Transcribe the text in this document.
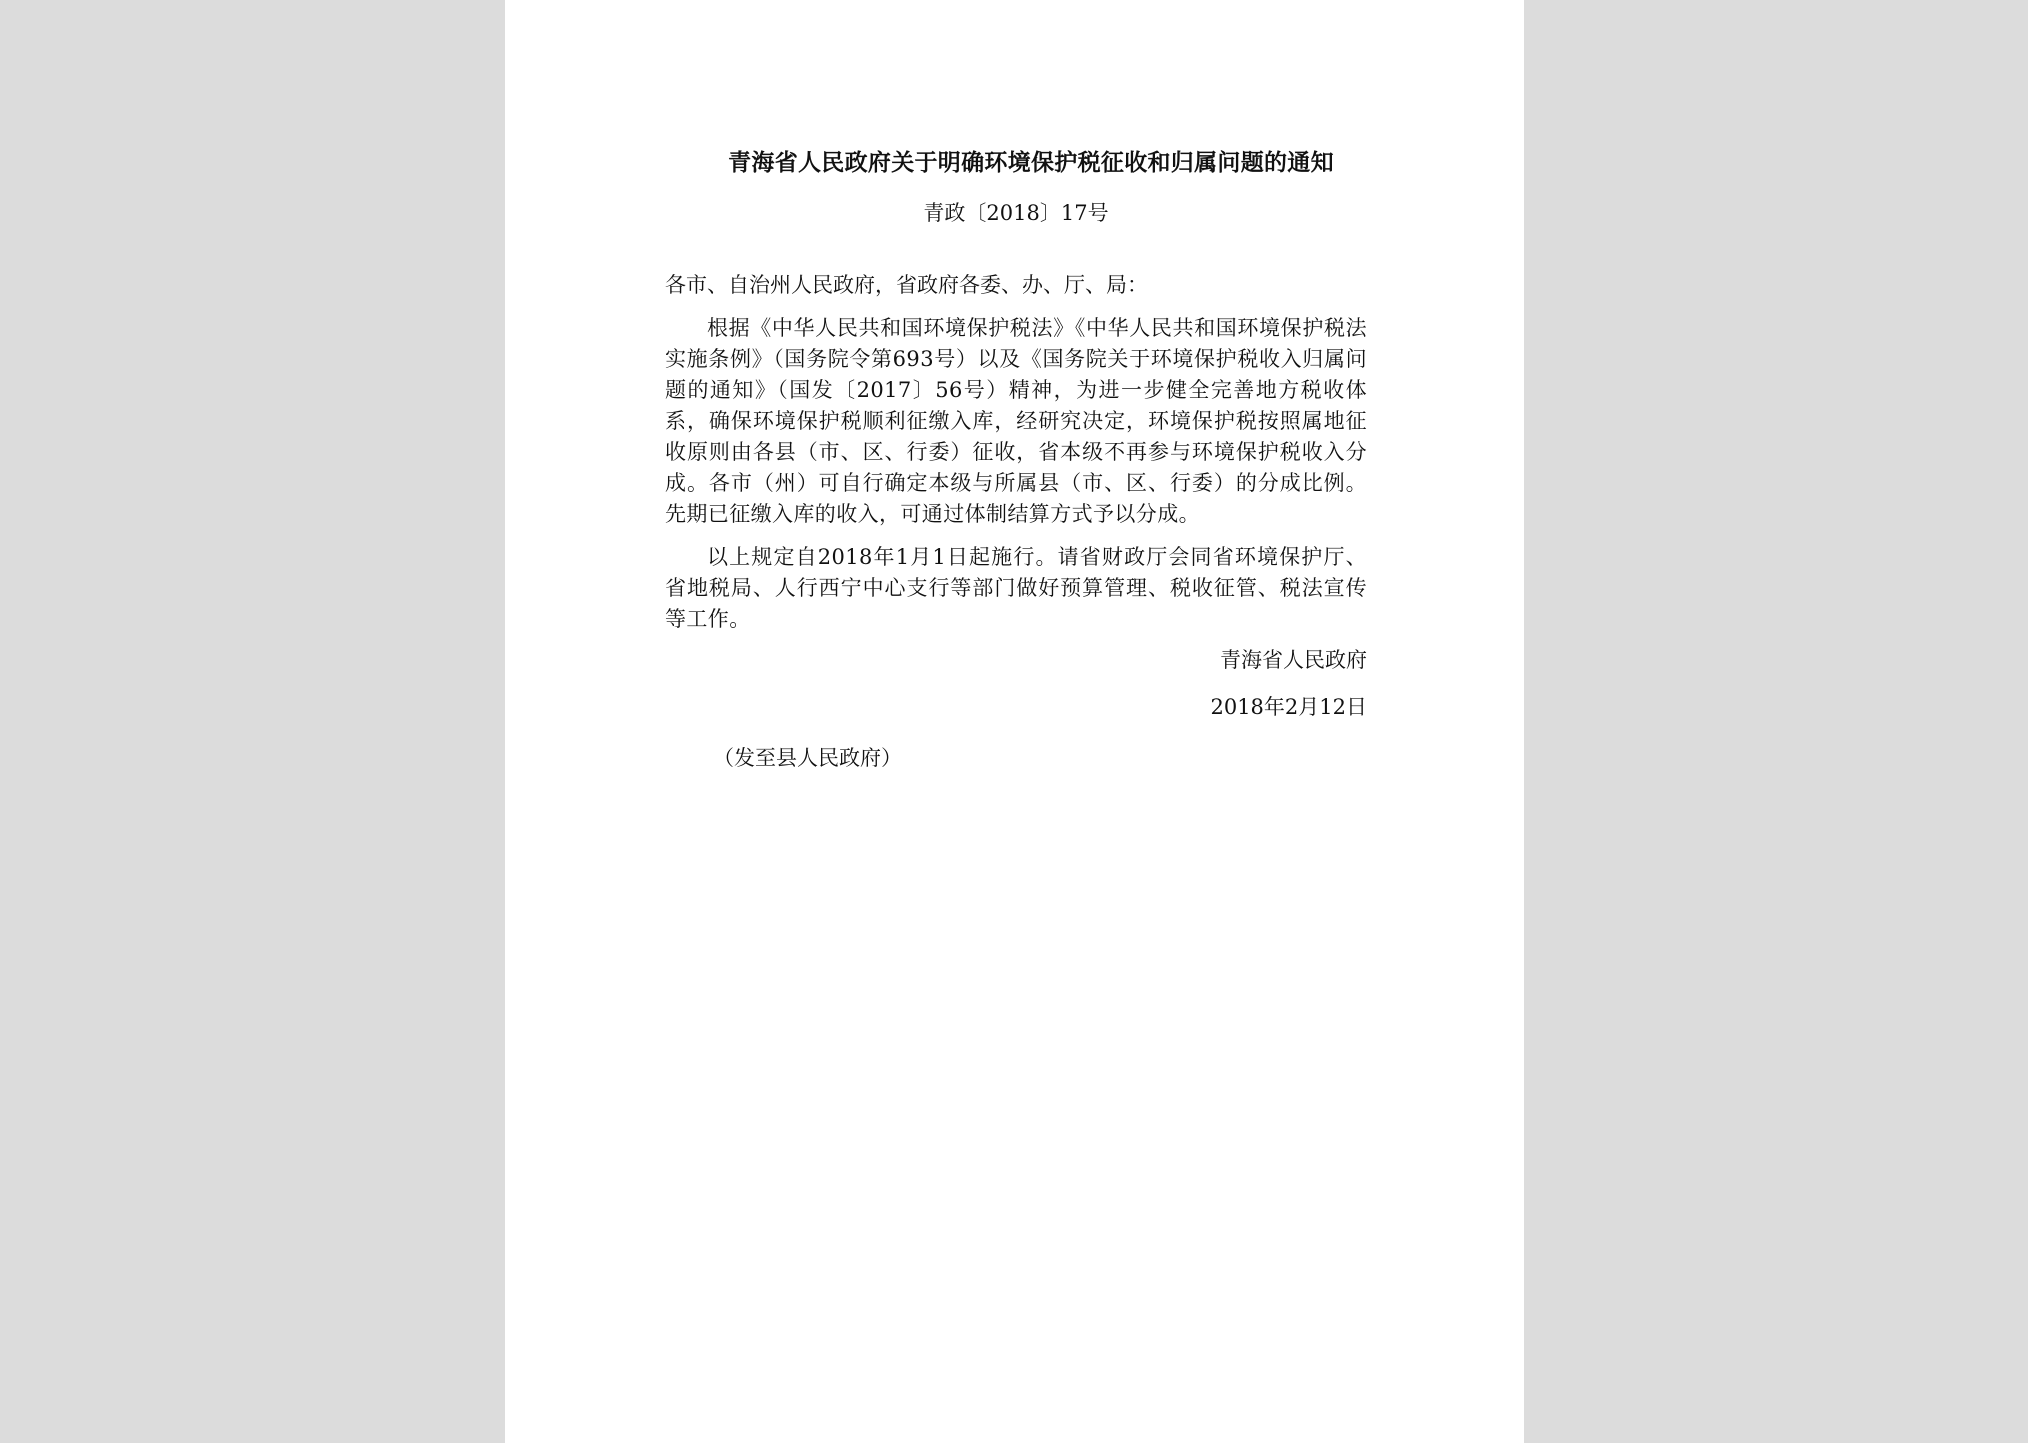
青海省人民政府关于明确环境保护税征收和归属问题的通知
青政〔2018〕17号
各市、自治州人民政府，省政府各委、办、厅、局：

根据《中华人民共和国环境保护税法》《中华人民共和国环境保护税法实施条例》（国务院令第693号）以及《国务院关于环境保护税收入归属问题的通知》（国发〔2017〕56号）精神，为进一步健全完善地方税收体系，确保环境保护税顺利征缴入库，经研究决定，环境保护税按照属地征收原则由各县（市、区、行委）征收，省本级不再参与环境保护税收入分成。各市（州）可自行确定本级与所属县（市、区、行委）的分成比例。先期已征缴入库的收入，可通过体制结算方式予以分成。

以上规定自2018年1月1日起施行。请省财政厅会同省环境保护厅、省地税局、人行西宁中心支行等部门做好预算管理、税收征管、税法宣传等工作。

青海省人民政府
2018年2月12日
（发至县人民政府）
